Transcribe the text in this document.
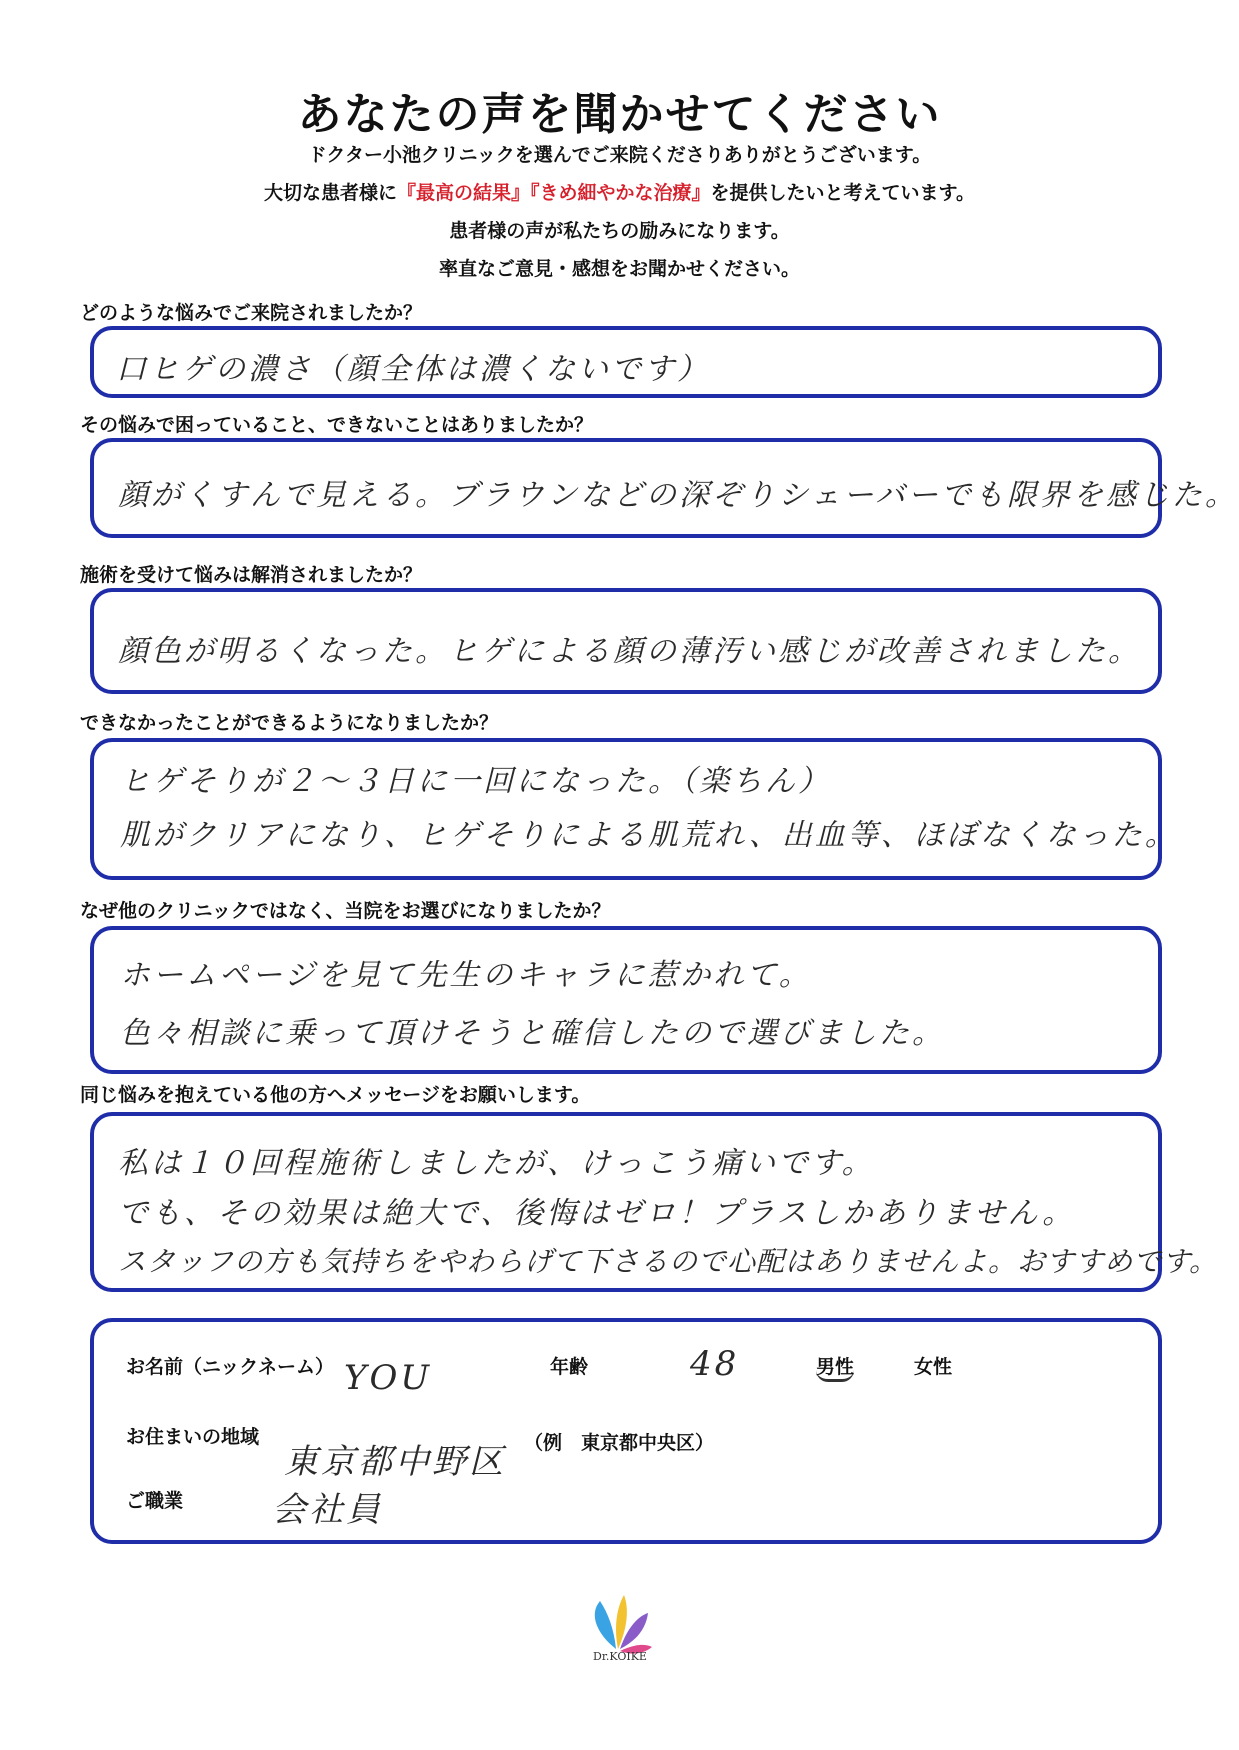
あなたの声を聞かせてください
ドクター小池クリニックを選んでご来院くださりありがとうございます。
大切な患者様に『最高の結果』『きめ細やかな治療』を提供したいと考えています。
患者様の声が私たちの励みになります。
率直なご意見・感想をお聞かせください。
どのような悩みでご来院されましたか？
口ヒゲの濃さ（顔全体は濃くないです）
その悩みで困っていること、できないことはありましたか？
顔がくすんで見える。ブラウンなどの深ぞりシェーバーでも限界を感じた。
施術を受けて悩みは解消されましたか？
顔色が明るくなった。ヒゲによる顔の薄汚い感じが改善されました。
できなかったことができるようになりましたか？
ヒゲそりが２〜３日に一回になった。（楽ちん）
肌がクリアになり、ヒゲそりによる肌荒れ、出血等、ほぼなくなった。
なぜ他のクリニックではなく、当院をお選びになりましたか？
ホームページを見て先生のキャラに惹かれて。
色々相談に乗って頂けそうと確信したので選びました。
同じ悩みを抱えている他の方へメッセージをお願いします。
私は１０回程施術しましたが、けっこう痛いです。
でも、その効果は絶大で、後悔はゼロ！プラスしかありません。
スタッフの方も気持ちをやわらげて下さるので心配はありませんよ。おすすめです。
お名前（ニックネーム） YOU	年齢	48	男性	女性
お住まいの地域
東京都中野区 （例　東京都中央区）
ご職業	会社員
Dr.KOIKE
